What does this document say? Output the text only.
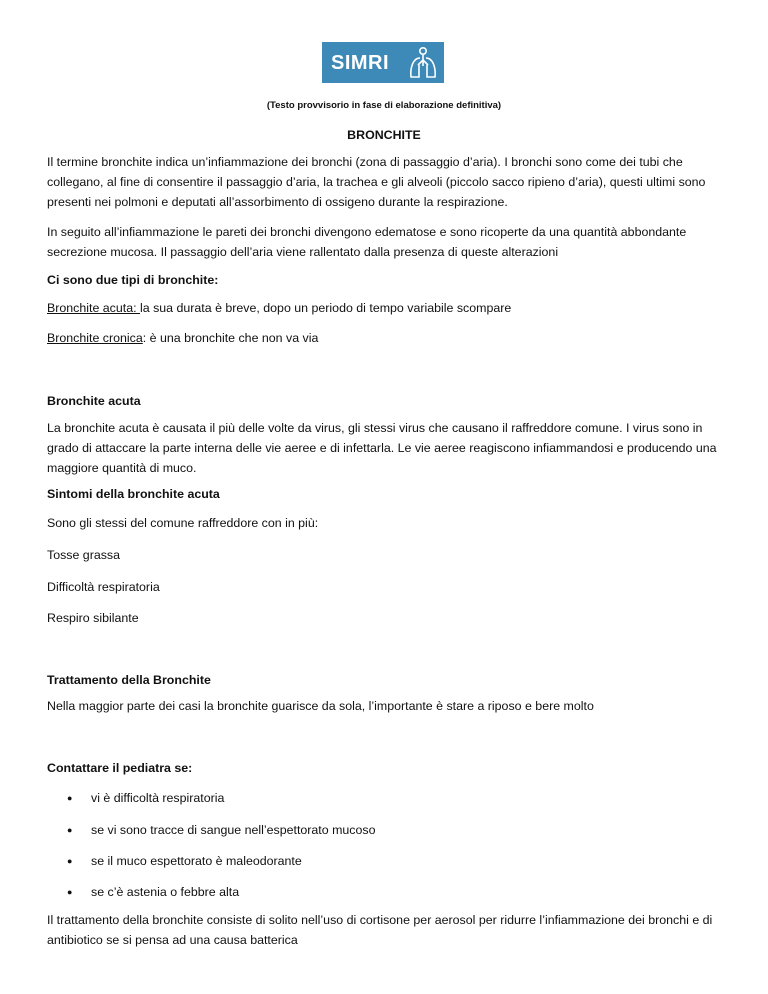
SIMRI
(Testo provvisorio in fase di elaborazione definitiva)
BRONCHITE

Il termine bronchite indica un’infiammazione dei bronchi (zona di passaggio d’aria). I bronchi sono come dei tubi che collegano, al fine di consentire il passaggio d’aria, la trachea e gli alveoli (piccolo sacco ripieno d’aria), questi ultimi sono presenti nei polmoni e deputati all’assorbimento di ossigeno durante la respirazione.

In seguito all’infiammazione le pareti dei bronchi divengono edematose e sono ricoperte da una quantità abbondante secrezione mucosa. Il passaggio dell’aria viene rallentato dalla presenza di queste alterazioni

Ci sono due tipi di bronchite:

Bronchite acuta: la sua durata è breve, dopo un periodo di tempo variabile scompare

Bronchite cronica: è una bronchite che non va via

Bronchite acuta

La bronchite acuta è causata il più delle volte da virus, gli stessi virus che causano il raffreddore comune. I virus sono in grado di attaccare la parte interna delle vie aeree e di infettarla. Le vie aeree reagiscono infiammandosi e producendo una maggiore quantità di muco.

Sintomi della bronchite acuta

Sono gli stessi del comune raffreddore con in più:

Tosse grassa

Difficoltà respiratoria

Respiro sibilante

Trattamento della Bronchite

Nella maggior parte dei casi la bronchite guarisce da sola, l’importante è stare a riposo e bere molto

Contattare il pediatra se:

● vi è difficoltà respiratoria

● se vi sono tracce di sangue nell’espettorato mucoso

● se il muco espettorato è maleodorante

● se c’è astenia o febbre alta

Il trattamento della bronchite consiste di solito nell’uso di cortisone per aerosol per ridurre l’infiammazione dei bronchi e di antibiotico se si pensa ad una causa batterica
